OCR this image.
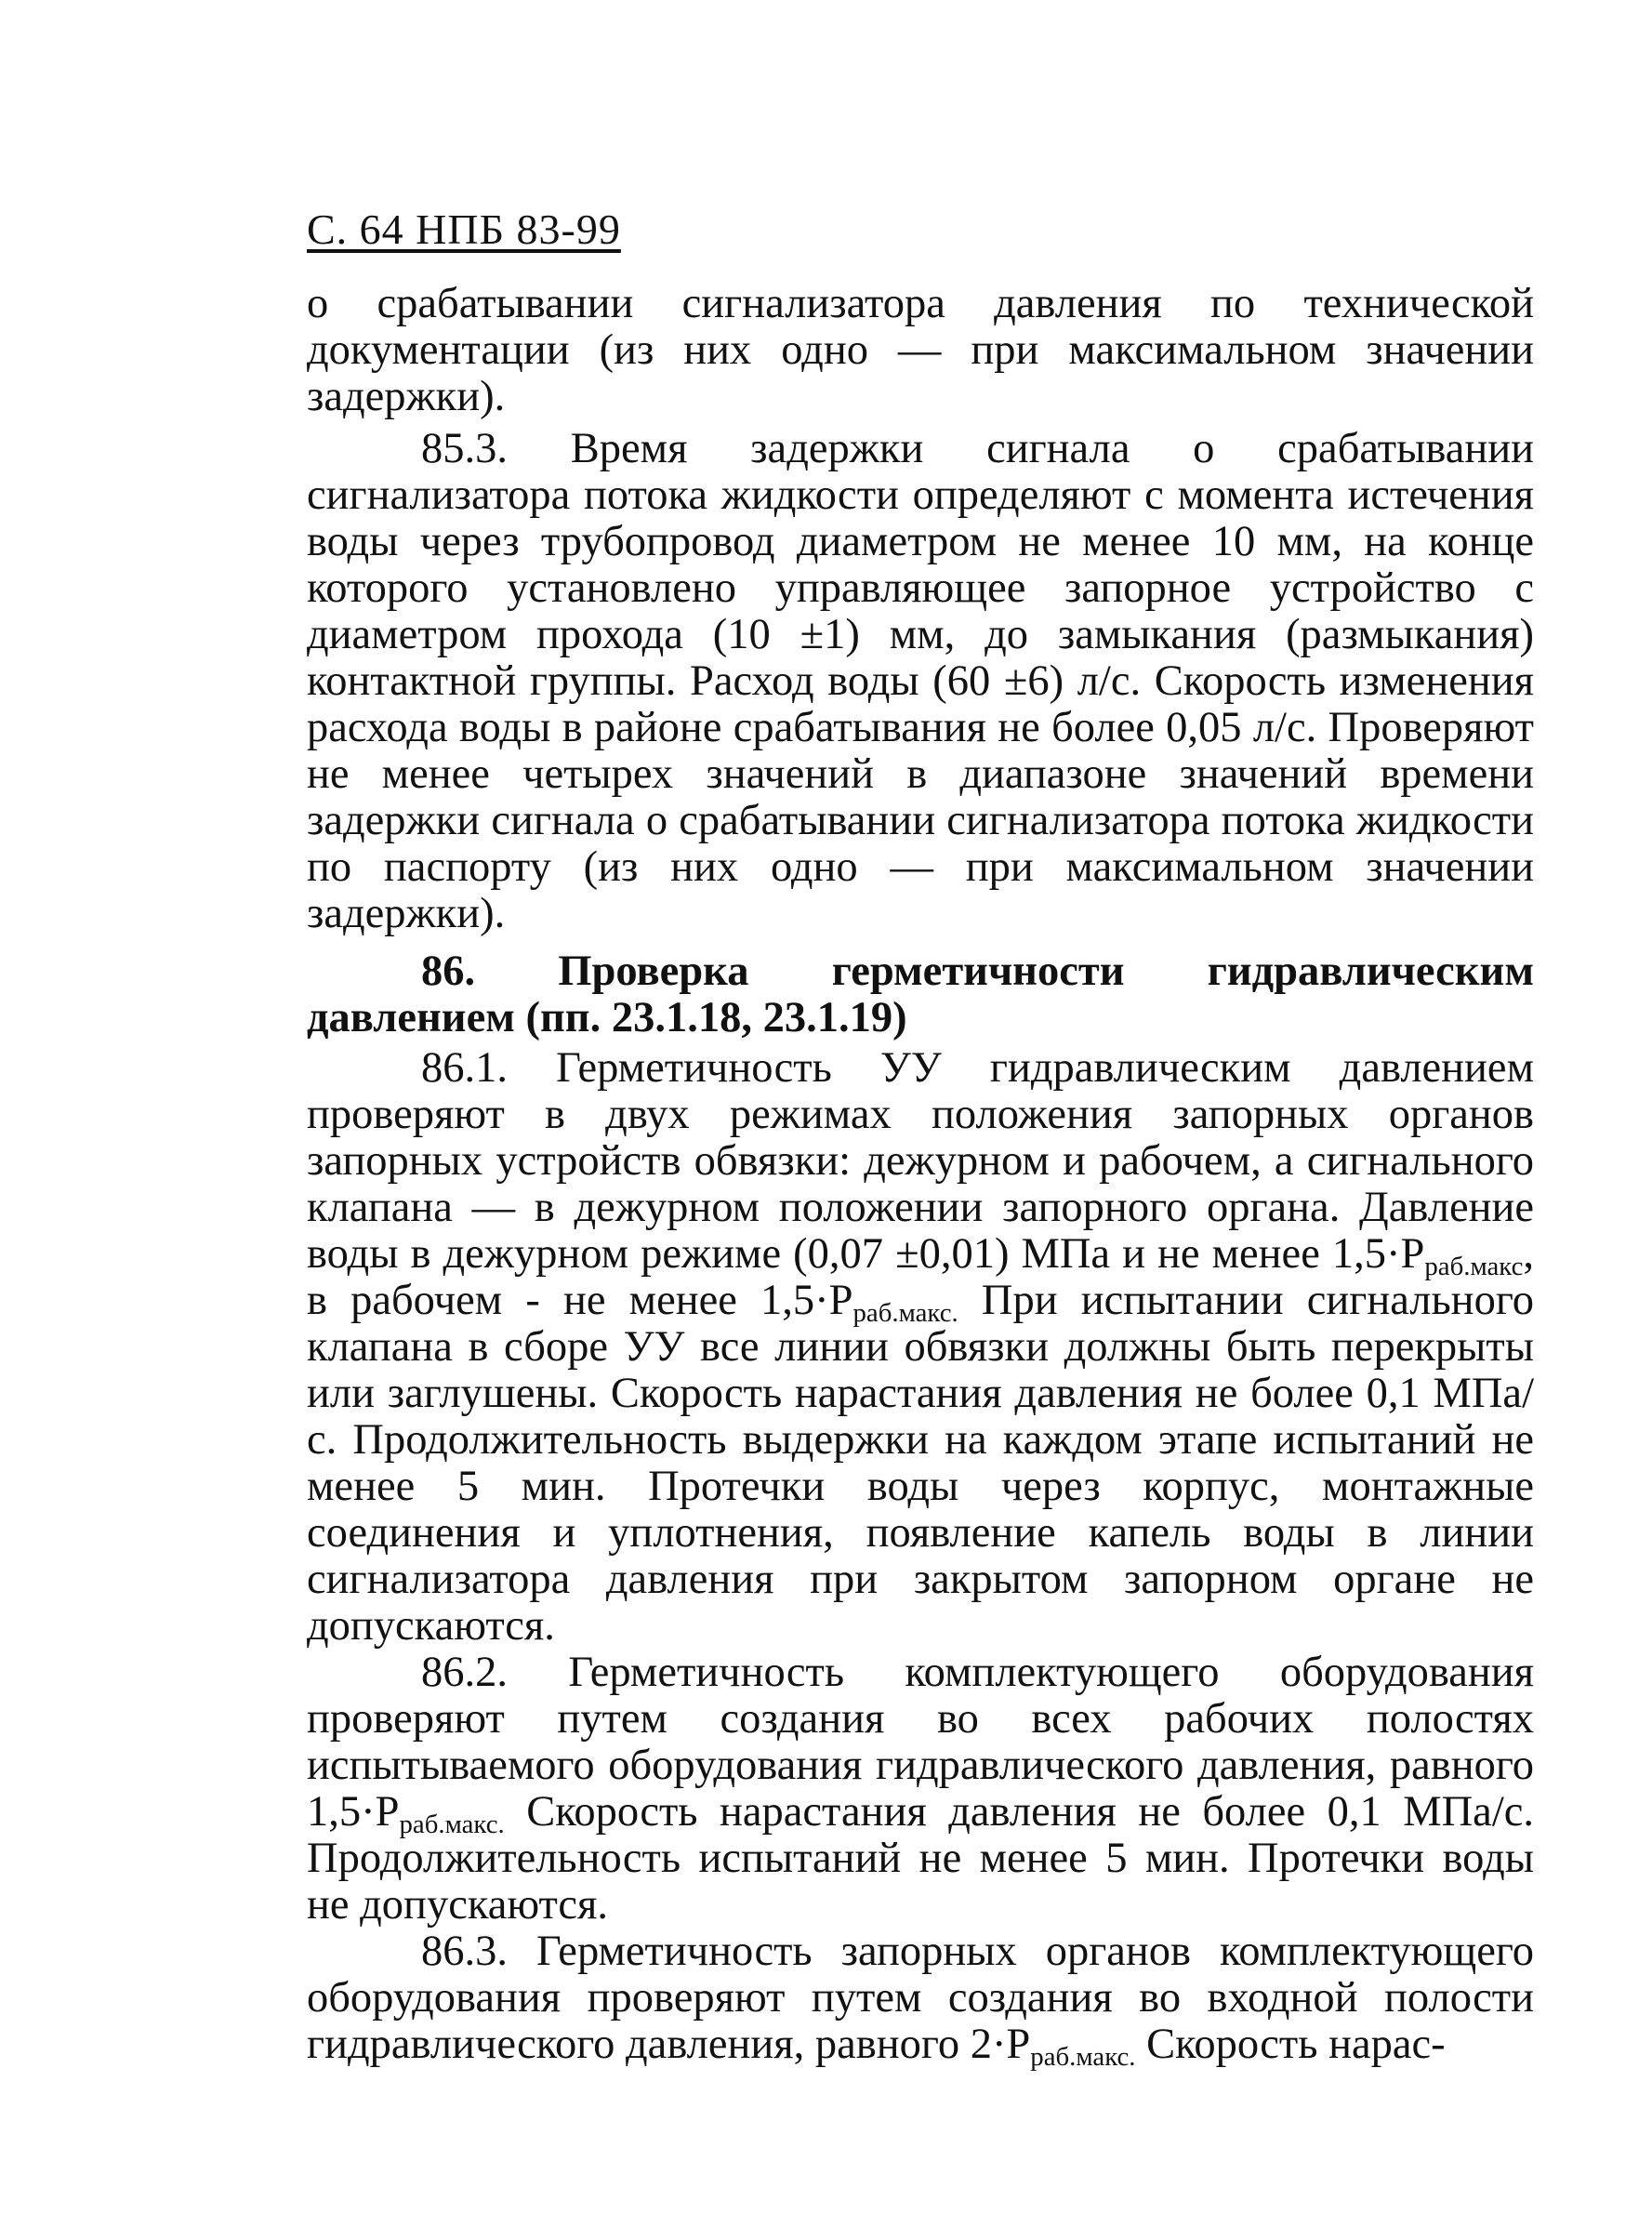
С. 64 НПБ 83-99

о срабатывании сигнализатора давления по технической документации (из них одно — при максимальном значении задержки).

85.3. Время задержки сигнала о срабатывании сигнализатора потока жидкости определяют с момента истечения воды через трубопровод диаметром не менее 10 мм, на конце которого установлено управляющее запорное устройство с диаметром прохода (10 ±1) мм, до замыкания (размыкания) контактной группы. Расход воды (60 ±6) л/с. Скорость изменения расхода воды в районе срабатывания не более 0,05 л/с. Проверяют не менее четырех значений в диапазоне значений времени задержки сигнала о срабатывании сигнализатора потока жидкости по паспорту (из них одно — при максимальном значении задержки).

86. Проверка герметичности гидравлическим давлением (пп. 23.1.18, 23.1.19)

86.1. Герметичность УУ гидравлическим давлением проверяют в двух режимах положения запорных органов запорных устройств обвязки: дежурном и рабочем, а сигнального клапана — в дежурном положении запорного органа. Давление воды в дежурном режиме (0,07 ±0,01) МПа и не менее $1,5\cdot P_{раб.макс}$, в рабочем - не менее $1,5\cdot P_{раб.макс.}$ При испытании сигнального клапана в сборе УУ все линии обвязки должны быть перекрыты или заглушены. Скорость нарастания давления не более 0,1 МПа/с. Продолжительность выдержки на каждом этапе испытаний не менее 5 мин. Протечки воды через корпус, монтажные соединения и уплотнения, появление капель воды в линии сигнализатора давления при закрытом запорном органе не допускаются.

86.2. Герметичность комплектующего оборудования проверяют путем создания во всех рабочих полостях испытываемого оборудования гидравлического давления, равного $1,5\cdot P_{раб.макс.}$ Скорость нарастания давления не более 0,1 МПа/с. Продолжительность испытаний не менее 5 мин. Протечки воды не допускаются.

86.3. Герметичность запорных органов комплектующего оборудования проверяют путем создания во входной полости гидравлического давления, равного $2\cdot P_{раб.макс.}$ Скорость нарас-
